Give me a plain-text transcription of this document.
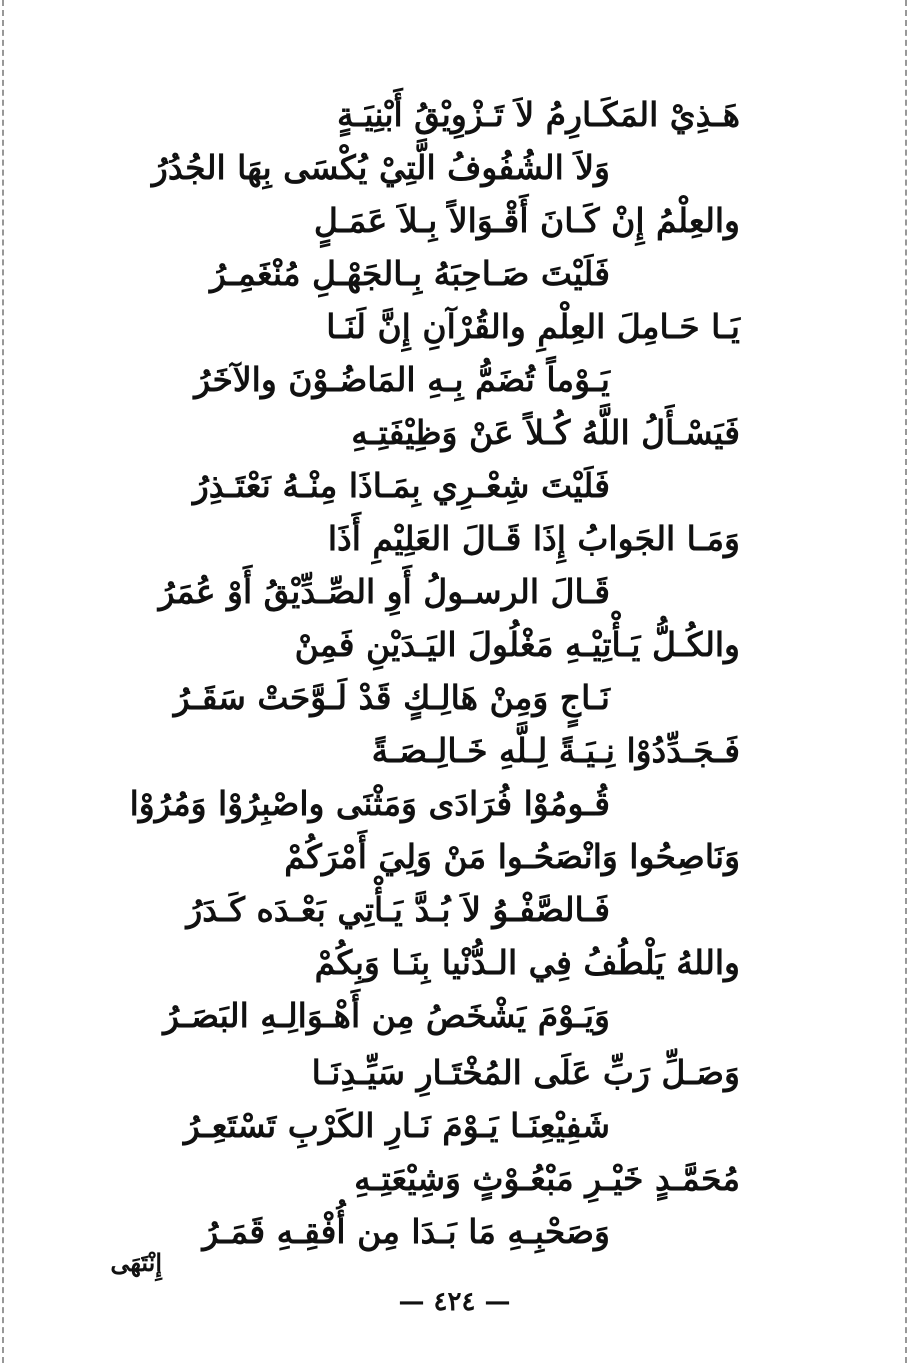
هَـذِيْ المَكَـارِمُ لاَ تَـزْوِيْقُ أَبْنِيَـةٍ
وَلاَ الشُفُوفُ الَّتِيْ يُكْسَى بِهَا الجُدُرُ
والعِلْمُ إِنْ كَـانَ أَقْـوَالاً بِـلاَ عَمَـلٍ
فَلَيْتَ صَـاحِبَهُ بِـالجَهْـلِ مُنْغَمِـرُ
يَـا حَـامِلَ العِلْمِ والقُرْآنِ إِنَّ لَنَـا
يَـوْماً تُضَمُّ بِـهِ المَاضُـوْنَ والآخَرُ
فَيَسْـأَلُ اللَّهُ كُـلاً عَنْ وَظِيْفَتِـهِ
فَلَيْتَ شِعْـرِي بِمَـاذَا مِنْـهُ نَعْتَـذِرُ
وَمَـا الجَوابُ إِذَا قَـالَ العَلِيْمِ أَذَا
قَـالَ الرسـولُ أَوِ الصِّـدِّيْقُ أَوْ عُمَرُ
والكُـلُّ يَـأْتِيْـهِ مَغْلُولَ اليَـدَيْنِ فَمِنْ
نَـاجٍ وَمِنْ هَالِـكٍ قَدْ لَـوَّحَتْ سَقَـرُ
فَـجَـدِّدُوْا نِـيَـةً لِـلَّهِ خَـالِـصَـةً
قُـومُوْا فُرَادَى وَمَثْنَى واصْبِرُوْا وَمُرُوْا
وَنَاصِحُوا وَانْصَحُـوا مَنْ وَلِيَ أَمْرَكُمْ
فَـالصَّفْـوُ لاَ بُـدَّ يَـأْتِي بَعْـدَه كَـدَرُ
واللهُ يَلْطُفُ فِي الـدُّنْيا بِنَـا وَبِكُمْ
وَيَـوْمَ يَشْخَصُ مِن أَهْـوَالِـهِ البَصَـرُ
وَصَـلِّ رَبِّ عَلَى المُخْتَـارِ سَيِّـدِنَـا
شَفِيْعِنَـا يَـوْمَ نَـارِ الكَرْبِ تَسْتَعِـرُ
مُحَمَّـدٍ خَيْـرِ مَبْعُـوْثٍ وَشِيْعَتِـهِ
وَصَحْبِـهِ مَا بَـدَا مِن أُفْقِـهِ قَمَـرُ
إِنْتَهَى
— ٤٢٤ —
